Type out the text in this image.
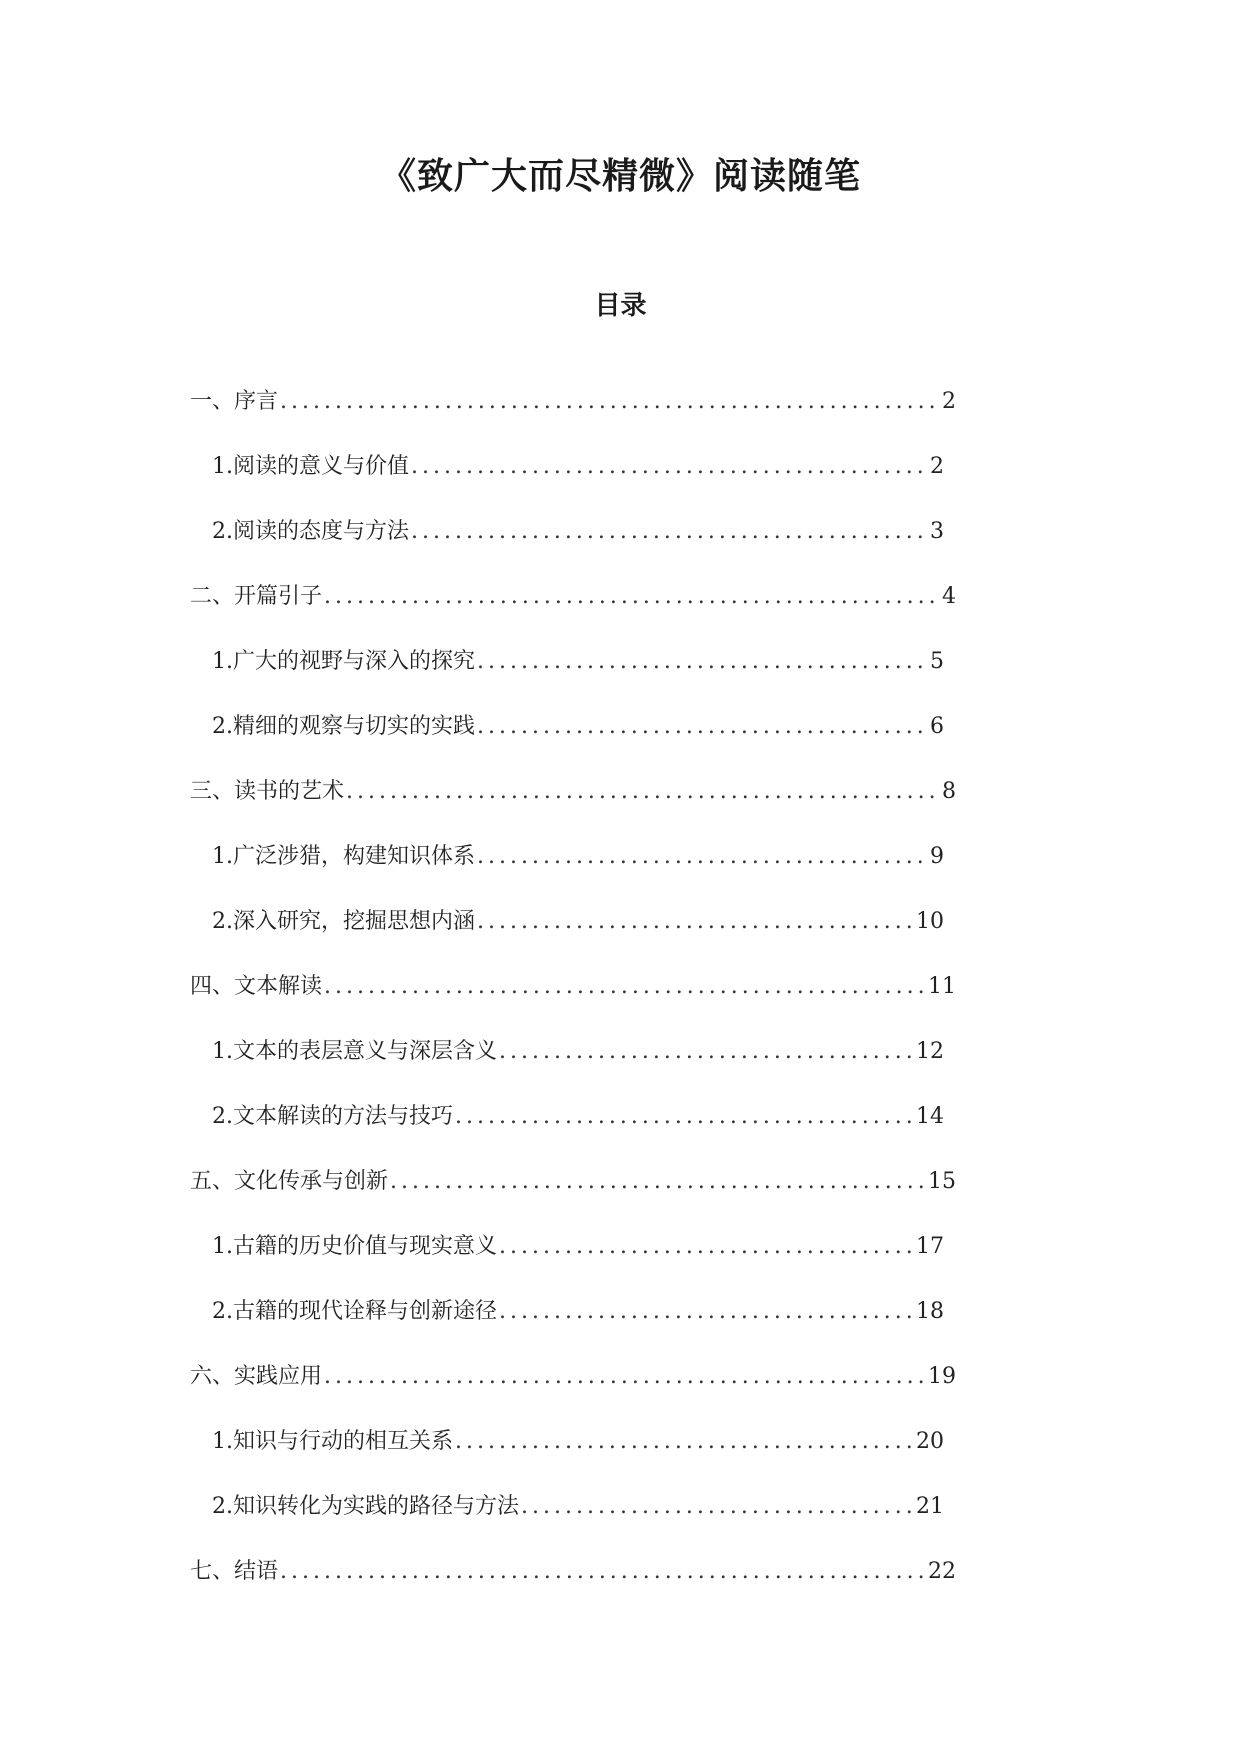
《致广大而尽精微》阅读随笔
目录
一、序言 .....	2
1. 阅读的意义与价值 .....	2
2. 阅读的态度与方法 .....	3
二、开篇引子 .....	4
1. 广大的视野与深入的探究 .....	5
2. 精细的观察与切实的实践 .....	6
三、读书的艺术 .....	8
1. 广泛涉猎，构建知识体系 .....	9
2. 深入研究，挖掘思想内涵 .....	10
四、文本解读 .....	11
1. 文本的表层意义与深层含义 .....	12
2. 文本解读的方法与技巧 .....	14
五、文化传承与创新 .....	15
1. 古籍的历史价值与现实意义 .....	17
2. 古籍的现代诠释与创新途径 .....	18
六、实践应用 .....	19
1. 知识与行动的相互关系 .....	20
2. 知识转化为实践的路径与方法 .....	21
七、结语 .....	22
